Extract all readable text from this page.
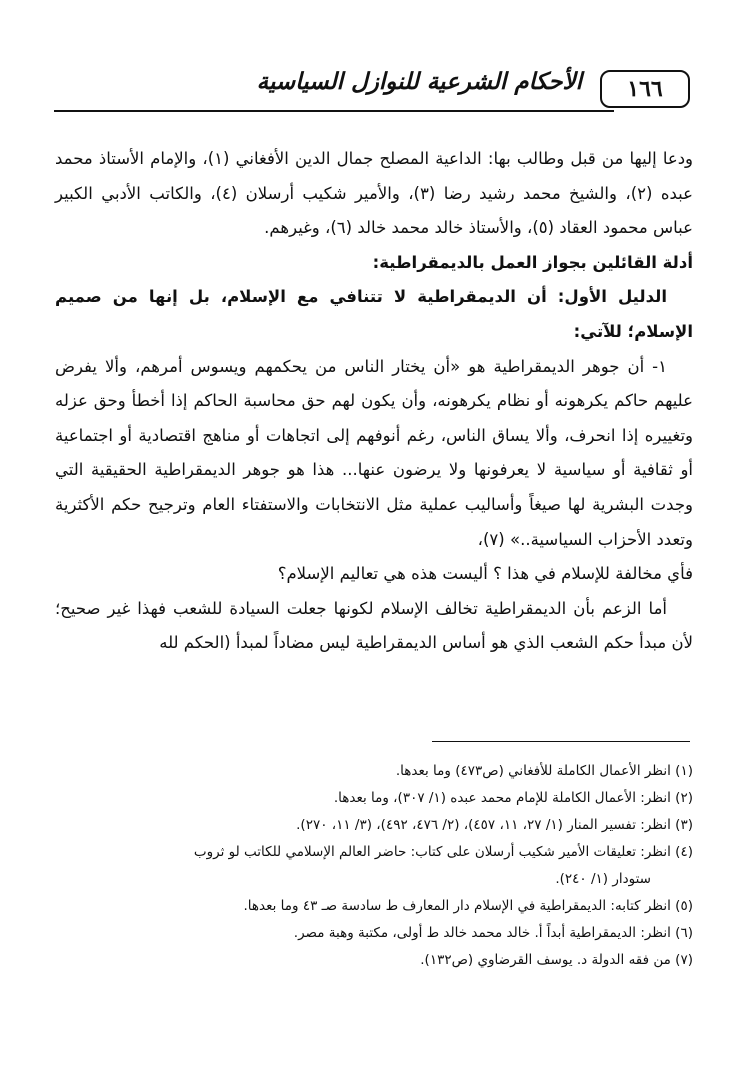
١٦٦
الأحكام الشرعية للنوازل السياسية

ودعا إليها من قبل وطالب بها: الداعية المصلح جمال الدين الأفغاني (١)، والإمام الأستاذ محمد عبده (٢)، والشيخ محمد رشيد رضا (٣)، والأمير شكيب أرسلان (٤)، والكاتب الأدبي الكبير عباس محمود العقاد (٥)، والأستاذ خالد محمد خالد (٦)، وغيرهم.

أدلة القائلين بجواز العمل بالديمقراطية:

الدليل الأول: أن الديمقراطية لا تتنافي مع الإسلام، بل إنها من صميم الإسلام؛ للآتي:

١- أن جوهر الديمقراطية هو «أن يختار الناس من يحكمهم ويسوس أمرهم، وألا يفرض عليهم حاكم يكرهونه أو نظام يكرهونه، وأن يكون لهم حق محاسبة الحاكم إذا أخطأ وحق عزله وتغييره إذا انحرف، وألا يساق الناس، رغم أنوفهم إلى اتجاهات أو مناهج اقتصادية أو اجتماعية أو ثقافية أو سياسية لا يعرفونها ولا يرضون عنها... هذا هو جوهر الديمقراطية الحقيقية التي وجدت البشرية لها صيغاً وأساليب عملية مثل الانتخابات والاستفتاء العام وترجيح حكم الأكثرية وتعدد الأحزاب السياسية..» (٧)،

فأي مخالفة للإسلام في هذا ؟ أليست هذه هي تعاليم الإسلام؟

أما الزعم بأن الديمقراطية تخالف الإسلام لكونها جعلت السيادة للشعب فهذا غير صحيح؛ لأن مبدأ حكم الشعب الذي هو أساس الديمقراطية ليس مضاداً لمبدأ (الحكم لله

(١) انظر الأعمال الكاملة للأفغاني (ص٤٧٣) وما بعدها.

(٢) انظر: الأعمال الكاملة للإمام محمد عبده (١/ ٣٠٧)، وما بعدها.

(٣) انظر: تفسير المنار (١/ ٢٧، ١١، ٤٥٧)، (٢/ ٤٧٦، ٤٩٢)، (٣/ ١١، ٢٧٠).

(٤) انظر: تعليقات الأمير شكيب أرسلان على كتاب: حاضر العالم الإسلامي للكاتب لو ثروب

ستودار (١/ ٢٤٠).

(٥) انظر كتابه: الديمقراطية في الإسلام دار المعارف ط سادسة صـ ٤٣ وما بعدها.

(٦) انظر: الديمقراطية أبداً أ. خالد محمد خالد ط أولى، مكتبة وهبة مصر.

(٧) من فقه الدولة د. يوسف القرضاوي (ص١٣٢).
